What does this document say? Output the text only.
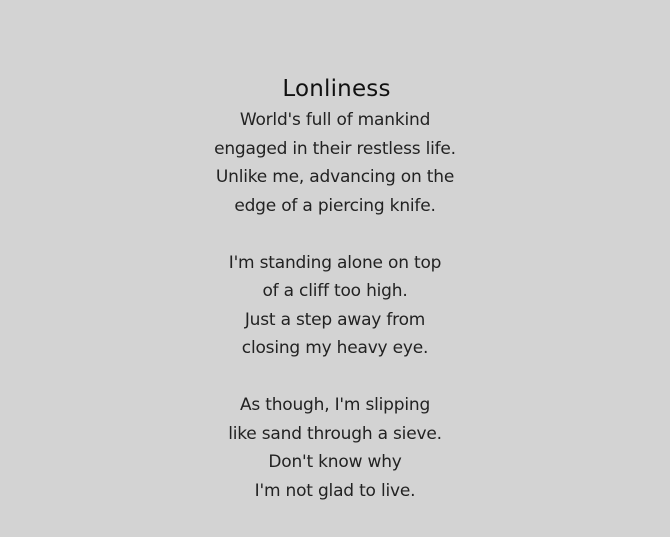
Lonliness
World's full of mankind
engaged in their restless life.
Unlike me, advancing on the
edge of a piercing knife.
I'm standing alone on top
of a cliff too high.
Just a step away from
closing my heavy eye.
As though, I'm slipping
like sand through a sieve.
Don't know why
I'm not glad to live.
